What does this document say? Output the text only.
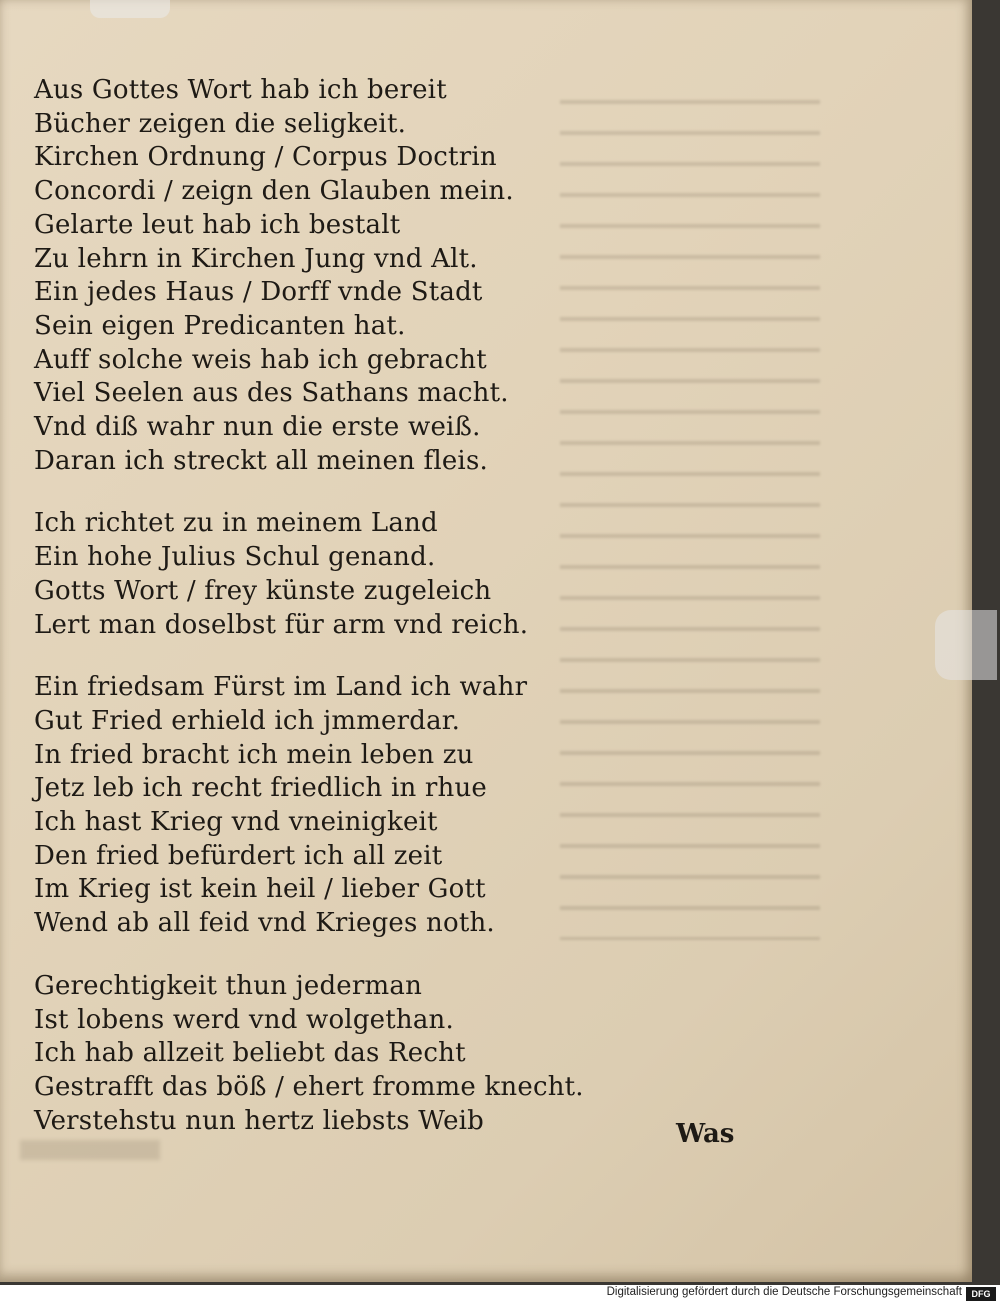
Aus Gottes Wort hab ich bereit
Bücher zeigen die seligkeit.
Kirchen Ordnung / Corpus Doctrin
Concordi / zeign den Glauben mein.
Gelarte leut hab ich bestalt
Zu lehrn in Kirchen Jung vnd Alt.
Ein jedes Haus / Dorff vnde Stadt
Sein eigen Predicanten hat.
Auff solche weis hab ich gebracht
Viel Seelen aus des Sathans macht.
Vnd diß wahr nun die erste weiß.
Daran ich streckt all meinen fleis.
Ich richtet zu in meinem Land
Ein hohe Julius Schul genand.
Gotts Wort / frey künste zugeleich
Lert man doselbst für arm vnd reich.
Ein friedsam Fürst im Land ich wahr
Gut Fried erhield ich jmmerdar.
In fried bracht ich mein leben zu
Jetz leb ich recht friedlich in rhue
Ich hast Krieg vnd vneinigkeit
Den fried befürdert ich all zeit
Im Krieg ist kein heil / lieber Gott
Wend ab all feid vnd Krieges noth.
Gerechtigkeit thun jederman
Ist lobens werd vnd wolgethan.
Ich hab allzeit beliebt das Recht
Gestrafft das böß / ehert fromme knecht.
Verstehstu nun hertz liebsts Weib	Was
Digitalisierung gefördert durch die Deutsche Forschungsgemeinschaft	DFG
